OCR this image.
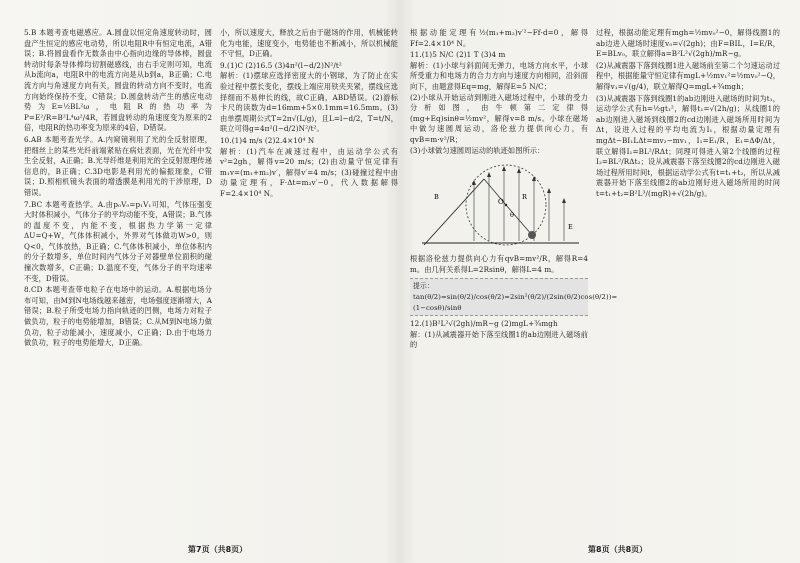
5.B 本题考查电磁感应。A.圆盘以恒定角速度转动时，圆盘产生恒定的感应电动势，所以电阻R中有恒定电流，A错误；B.将圆盘看作无数条由中心指向边缘的导体棒，圆盘转动时每条导体棒均切割磁感线，由右手定则可知，电流从b流向a，电阻R中的电流方向是从b到a，B正确；C.电流方向与角速度方向有关，圆盘的转动方向不变时，电流方向始终保持不变，C错误；D.圆盘转动产生的感应电动势为E=½BL²ω，电阻R的热功率为P=E²/R=B²L⁴ω²/4R，若圆盘转动的角速度变为原来的2倍，电阻R的热功率变为原来的4倍，D错误。

6.AB 本题考查光学。A.内窥镜利用了光的全反射原理，把细丝上的某些光纤前端紧贴在病灶表面，光在光纤中发生全反射，A正确；B.光导纤维是利用光的全反射原理传递信息的，B正确；C.3D电影是利用光的偏振现象，C错误；D.照相机镜头表面的增透膜是利用光的干涉原理，D错误。

7.BC 本题考查热学。A.由p₀V₀=p₁V₁可知，气体压强变大时体积减小，气体分子的平均动能不变，A错误；B.气体的温度不变，内能不变，根据热力学第一定律ΔU=Q+W，气体体积减小，外界对气体做功W>0，则Q<0，气体放热，B正确；C.气体体积减小，单位体积内的分子数增多，单位时间内气体分子对器壁单位面积的碰撞次数增多，C正确；D.温度不变，气体分子的平均速率不变，D错误。

8.CD 本题考查带电粒子在电场中的运动。A.根据电场分布可知，由M到N电场线越来越密，电场强度逐渐增大，A错误；B.粒子所受电场力指向轨迹的凹侧，电场力对粒子做负功，粒子的电势能增加，B错误；C.从M到N电场力做负功，粒子动能减小，速度减小，C正确；D.由于电场力做负功，粒子的电势能增大，D正确。

小，所以速度大，释放之后由于磁场的作用，机械能转化为电能，速度变小，电势能也不断减小，所以机械能不守恒，D正确。

9.(1)C (2)16.5 (3)4π²(l−d/2)N²/t²

解析：(1)摆球应选择密度大的小钢球，为了防止在实验过程中摆长变化，摆线上端应用铁夹夹紧，摆线应选择细而不易伸长的线，故C正确，ABD错误。(2)游标卡尺的读数为d=16mm+5×0.1mm=16.5mm。(3)由单摆周期公式T=2π√(L/g)，且L=l−d/2，T=t/N，联立可得g=4π²(l−d/2)N²/t²。

10.(1)4 m/s (2)2.4×10⁴ N

解析：(1)汽车在减速过程中，由运动学公式有v²=2gh，解得v=20 m/s；(2)由动量守恒定律有m₁v=(m₁+m₂)v′，解得v′=4 m/s；(3)碰撞过程中由动量定理有，F·Δt=m₂v′−0，代入数据解得F=2.4×10⁴ N。

根据动能定理有½(m₁+m₂)v′²−Ff·d=0，解得Ff=2.4×10⁴ N。

11.(1)5 N/C (2)1 T (3)4 m

解析：(1)小球与斜面间无弹力，电场方向水平，小球所受重力和电场力的合力方向与速度方向相同，沿斜面向下，由题意得Eq=mg，解得E=5 N/C；

(2)小球从开始运动到刚进入磁场过程中，小球的受力分析如图，由牛顿第二定律得(mg+Eq)sinθ=½mv²，解得v=8 m/s。小球在磁场中做匀速圆周运动，洛伦兹力提供向心力，有qvB=m·v²/R；

(3)小球做匀速圆周运动的轨迹如图所示：

O
θ
R
E
B

根据洛伦兹力提供向心力有qvB=mv²/R，解得R=4 m。由几何关系得L=2Rsinθ，解得L=4 m。

提示：tan(θ/2)=sin(θ/2)/cos(θ/2)=2sin²(θ/2)/(2sin(θ/2)cos(θ/2))=(1−cosθ)/sinθ

12.(1)B²L²√(2gh)/mR−g (2)mgL+¾mgh

解：(1)从减震器开始下落至线圈1的ab边刚进入磁场前的

过程，根据动能定理有mgh=½mv₀²−0，解得线圈1的ab边进入磁场时速度v₀=√(2gh)；由F=BIL，I=E/R，E=BLv₀，联立解得a=B²L²√(2gh)/mR−g。

(2)从减震器下落到线圈1进入磁场前至第二个匀速运动过程中，根据能量守恒定律有mgL+½mv₁²=½mv₀²−Q，解得v₁=√(g/4)，联立解得Q=mgL+¾mgh；

(3)从减震器下落到线圈1的ab边刚进入磁场的时间为t₁，运动学公式有h=½gt₁²，解得t₁=√(2h/g)；从线圈1的ab边刚进入磁场到线圈2的cd边刚进入磁场所用时间为Δt，设进入过程的平均电流为I₁，根据动量定理有mgΔt−BI₁LΔt=mv₂−mv₁，I₁=E₁/R，E₁=ΔΦ/Δt，联立解得I₁=BL²/RΔt；同理可得进入第2个线圈的过程I₂=BL²/RΔt₂；设从减震器下落至线圈2的cd边刚进入磁场过程所用时间t，根据运动学公式有t=t₁+t₂，所以从减震器开始下落至线圈2的ab边刚好进入磁场所用的时间t=t₁+t₂=B²L³/(mgR)+√(2h/g)。

第7页（共8页）	第8页（共8页）
